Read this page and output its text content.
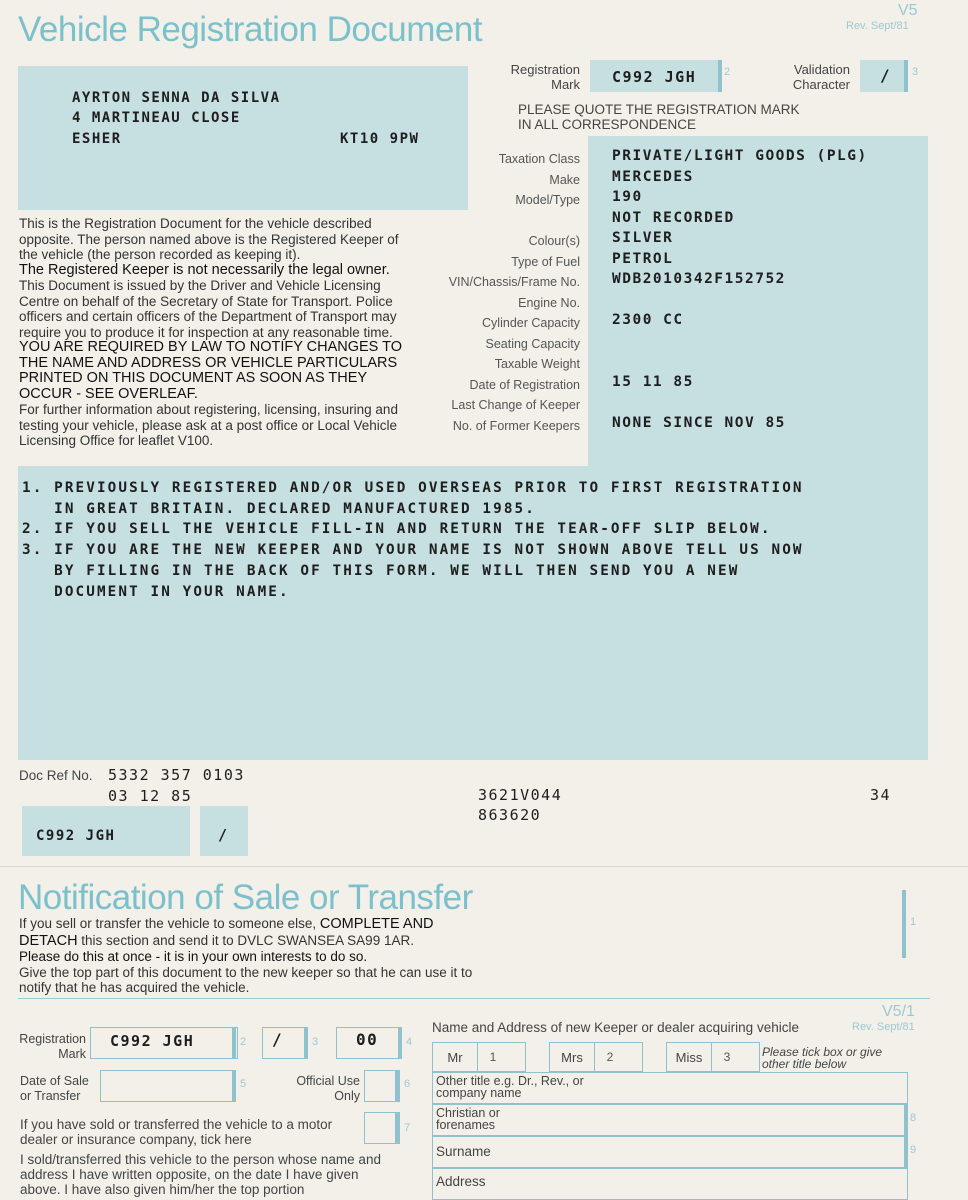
Vehicle Registration Document	V5
Rev. Sept/81
AYRTON SENNA DA SILVA
4 MARTINEAU CLOSE
ESHER	KT10 9PW
Registration
Mark C992 JGH	2	Validation
Character / 3
PLEASE QUOTE THE REGISTRATION MARK
IN ALL CORRESPONDENCE
Taxation Class PRIVATE/LIGHT GOODS (PLG)
Make MERCEDES
Model/Type 190
NOT RECORDED
Colour(s) SILVER
Type of Fuel PETROL
VIN/Chassis/Frame No. WDB2010342F152752
Engine No.
Cylinder Capacity 2300 CC
Seating Capacity
Taxable Weight
Date of Registration 15 11 85
Last Change of Keeper
No. of Former Keepers NONE SINCE NOV 85
This is the Registration Document for the vehicle described opposite. The person named above is the Registered Keeper of the vehicle (the person recorded as keeping it).
The Registered Keeper is not necessarily the legal owner.
This Document is issued by the Driver and Vehicle Licensing Centre on behalf of the Secretary of State for Transport. Police officers and certain officers of the Department of Transport may require you to produce it for inspection at any reasonable time.
YOU ARE REQUIRED BY LAW TO NOTIFY CHANGES TO THE NAME AND ADDRESS OR VEHICLE PARTICULARS PRINTED ON THIS DOCUMENT AS SOON AS THEY OCCUR - SEE OVERLEAF.
For further information about registering, licensing, insuring and testing your vehicle, please ask at a post office or Local Vehicle Licensing Office for leaflet V100.
1. PREVIOUSLY REGISTERED AND/OR USED OVERSEAS PRIOR TO FIRST REGISTRATION
IN GREAT BRITAIN. DECLARED MANUFACTURED 1985.
2. IF YOU SELL THE VEHICLE FILL-IN AND RETURN THE TEAR-OFF SLIP BELOW.
3. IF YOU ARE THE NEW KEEPER AND YOUR NAME IS NOT SHOWN ABOVE TELL US NOW
BY FILLING IN THE BACK OF THIS FORM. WE WILL THEN SEND YOU A NEW
DOCUMENT IN YOUR NAME.
Doc Ref No. 5332 357 0103
03 12 85	3621V044
863620
34
C992 JGH	/
Notification of Sale or Transfer
If you sell or transfer the vehicle to someone else, COMPLETE AND DETACH this section and send it to DVLC SWANSEA SA99 1AR.
Please do this at once - it is in your own interests to do so.
Give the top part of this document to the new keeper so that he can use it to notify that he has acquired the vehicle.
1
V5/1
Rev. Sept/81
Registration
Mark
C992 JGH	2 /	3 00	4
Date of Sale
or Transfer
5	Official Use
Only
6
If you have sold or transferred the vehicle to a motor dealer or insurance company, tick here
7
I sold/transferred this vehicle to the person whose name and address I have written opposite, on the date I have given above. I have also given him/her the top portion
Name and Address of new Keeper or dealer acquiring vehicle
Mr	1	Mrs	2	Miss	3	Please tick box or give other title below
Other title e.g. Dr., Rev., or company name
Christian or forenames	8
Surname	9
Address
